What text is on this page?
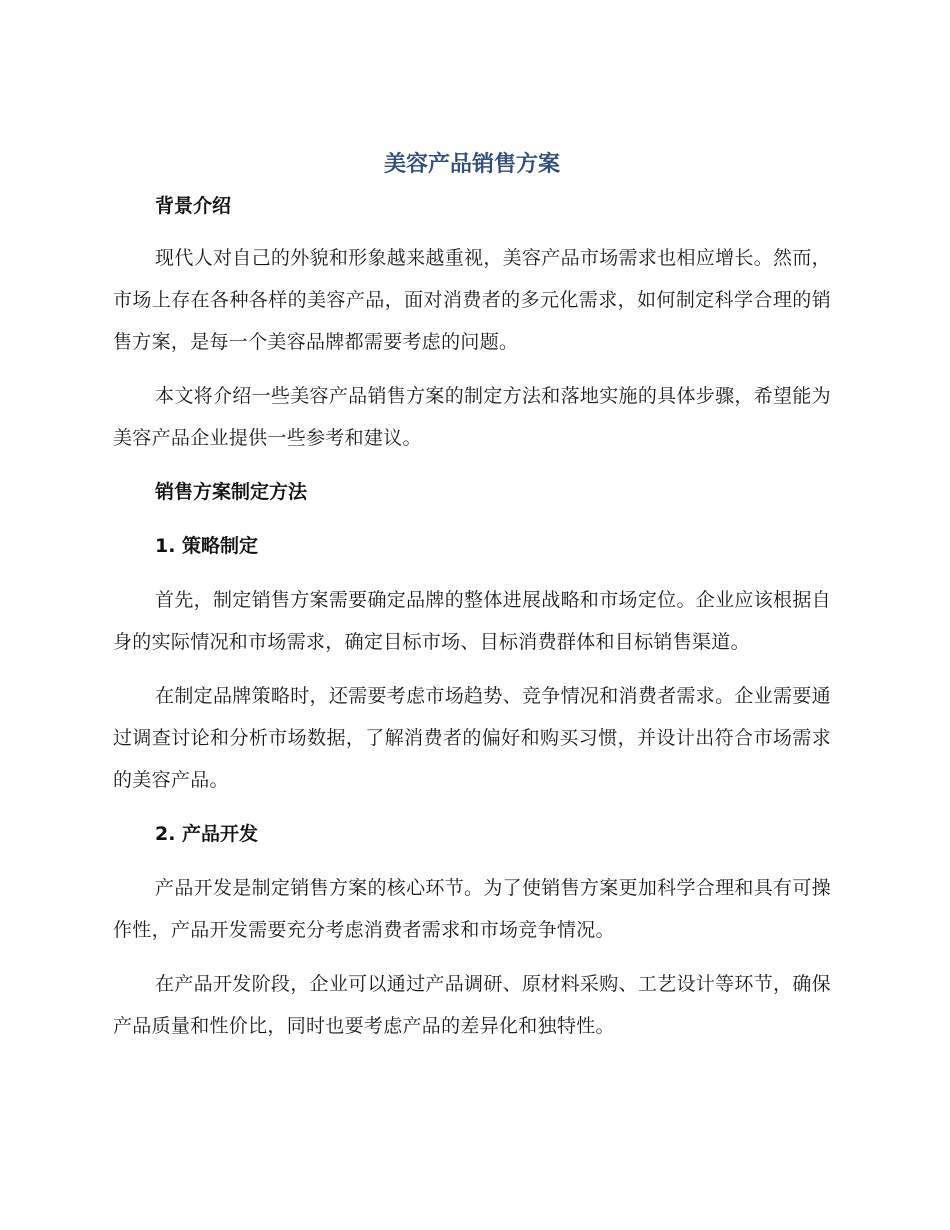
美容产品销售方案
背景介绍

现代人对自己的外貌和形象越来越重视，美容产品市场需求也相应增长。然而，市场上存在各种各样的美容产品，面对消费者的多元化需求，如何制定科学合理的销售方案，是每一个美容品牌都需要考虑的问题。

本文将介绍一些美容产品销售方案的制定方法和落地实施的具体步骤，希望能为美容产品企业提供一些参考和建议。

销售方案制定方法
1. 策略制定

首先，制定销售方案需要确定品牌的整体进展战略和市场定位。企业应该根据自身的实际情况和市场需求，确定目标市场、目标消费群体和目标销售渠道。

在制定品牌策略时，还需要考虑市场趋势、竞争情况和消费者需求。企业需要通过调查讨论和分析市场数据，了解消费者的偏好和购买习惯，并设计出符合市场需求的美容产品。

2. 产品开发

产品开发是制定销售方案的核心环节。为了使销售方案更加科学合理和具有可操作性，产品开发需要充分考虑消费者需求和市场竞争情况。

在产品开发阶段，企业可以通过产品调研、原材料采购、工艺设计等环节，确保产品质量和性价比，同时也要考虑产品的差异化和独特性。
